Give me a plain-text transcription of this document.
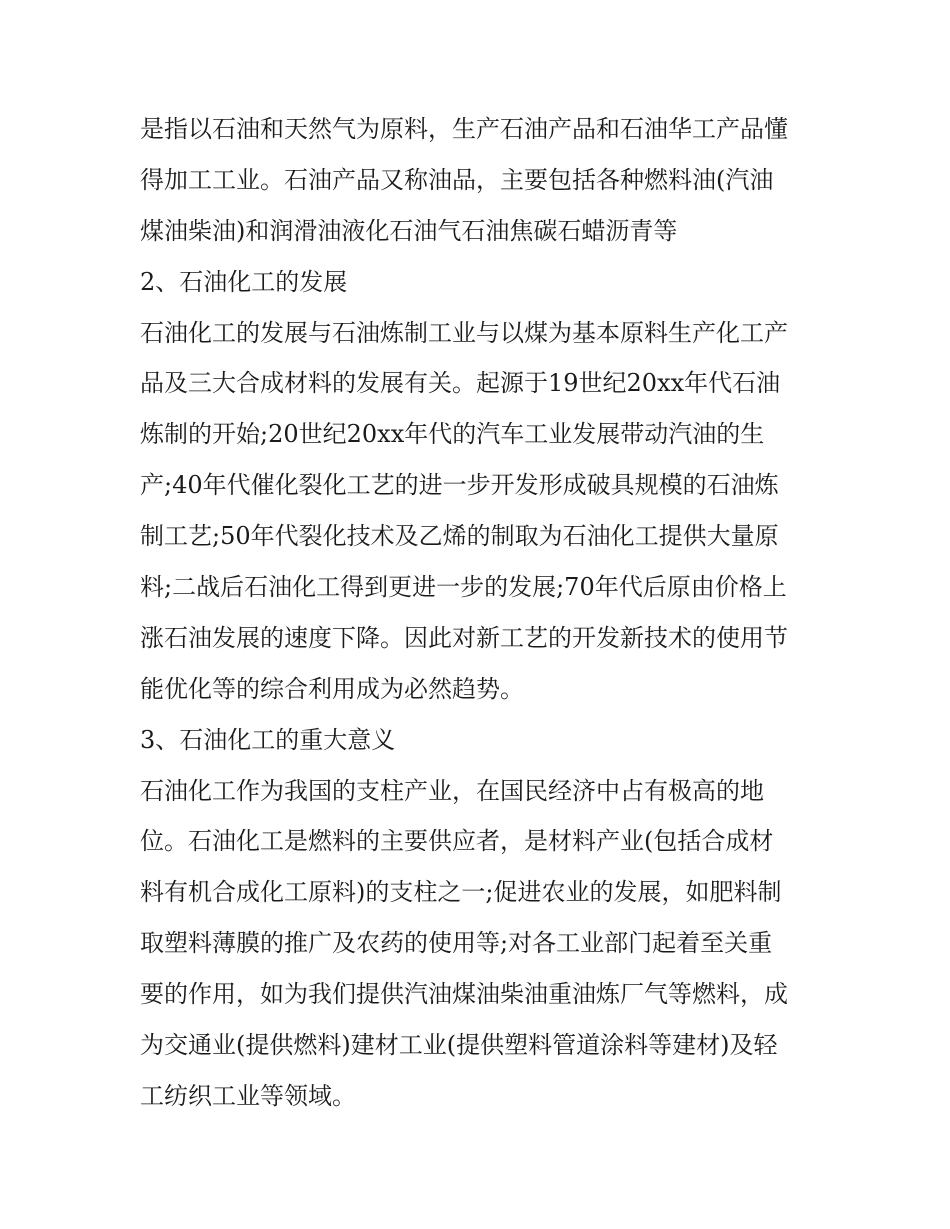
是指以石油和天然气为原料，生产石油产品和石油华工产品懂
得加工工业。石油产品又称油品，主要包括各种燃料油(汽油
煤油柴油)和润滑油液化石油气石油焦碳石蜡沥青等
2、石油化工的发展
石油化工的发展与石油炼制工业与以煤为基本原料生产化工产
品及三大合成材料的发展有关。起源于19世纪20xx年代石油
炼制的开始;20世纪20xx年代的汽车工业发展带动汽油的生
产;40年代催化裂化工艺的进一步开发形成破具规模的石油炼
制工艺;50年代裂化技术及乙烯的制取为石油化工提供大量原
料;二战后石油化工得到更进一步的发展;70年代后原由价格上
涨石油发展的速度下降。因此对新工艺的开发新技术的使用节
能优化等的综合利用成为必然趋势。
3、石油化工的重大意义
石油化工作为我国的支柱产业，在国民经济中占有极高的地
位。石油化工是燃料的主要供应者，是材料产业(包括合成材
料有机合成化工原料)的支柱之一;促进农业的发展，如肥料制
取塑料薄膜的推广及农药的使用等;对各工业部门起着至关重
要的作用，如为我们提供汽油煤油柴油重油炼厂气等燃料，成
为交通业(提供燃料)建材工业(提供塑料管道涂料等建材)及轻
工纺织工业等领域。
